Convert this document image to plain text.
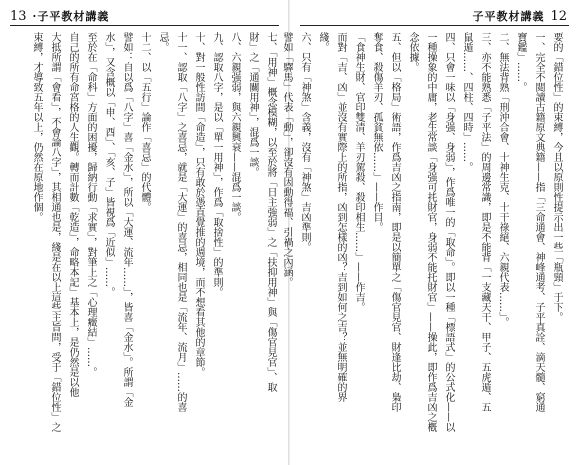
13 ·子平教材講義
七、「用神」概念模糊，以至於將「日主強弱」之「扶抑用神」與「傷官見官」、取
財」之「通關用神」，混爲一談。
八、六親强弱，與六親興衰——混爲一談。
九、認取八字，是以「單一用神」，作爲「取捨性」的準則。
十、對一般性訪間「命造」，只有敢於憑直覺推的週境，而不想看其他的章節。
十一、認取「八字」之喜忌，就是「大運」的喜忌，相同也是「流年、流月」……的喜
忌。
十二、以「五行」論作「喜忌」的代體。
譬如：自以爲「八字」喜「金水」，所以「大運、流年……」，皆喜「金水」。所謂「金
水」，又含概以「申、酉」、「亥、子」皆視爲「近似」……。
至於在「命科」方面的困擾，歸納行動「求實」，對筆上之「心理癥結」……。
自己的所有命宮格的人生觀。轉而計數「乾造」，命略本記」基本上，是仍然是以他
大抵所謂「會看」，不會論八字」，其相通也是，綫是在以上這些主旨問，受于「錯位性」之
束縛，才導致五年以上，仍然在原地作個。
子平教材講義 12
要的「錯位性」的束縛，今且以原則性提示出一些「瓶頸」于下。
一、完全不閲讀古籍原文典籍——指「三命通會、神峰通考、子平真詮、滴天髓、窮通
寶鑑」……。
二、無法背熟「刑沖合會、十神生克、十干祿絕、六親代表……」。
三、亦不能熟悉「子平法」的周邊常識，即是不能背「一支藏天干、甲子、五虎遁、五
鼠遁……、四柱、四時」……。
四、只會一味以「身强、身弱」，作爲唯一的「取命」。即以一種「標語式」的公式化——以
一種操象的中庸，老生常談「身强可扥財官，身弱不能托財官」——操此，即作爲吉凶之槪
念依據。
五、但以「格局」術語，作爲吉凶之指南，即是以簡單之「傷官見官、財逢比劫、梟印
奪食、殺傷羊刃、孤貧無依……」——作目。
「食神生財、官印雙清、羊刃駕殺、殺印相生……」——作吉。
而對「吉、凶」並沒有實際上的所指，凶到怎樣的凶？吉到如何之吉？並無明確的界
綫。
六、只有「神煞」含義，沒有「神煞」吉凶準則。
譬如「驛馬」代表「動」，卻沒有因動得福、引禍之內涵。
